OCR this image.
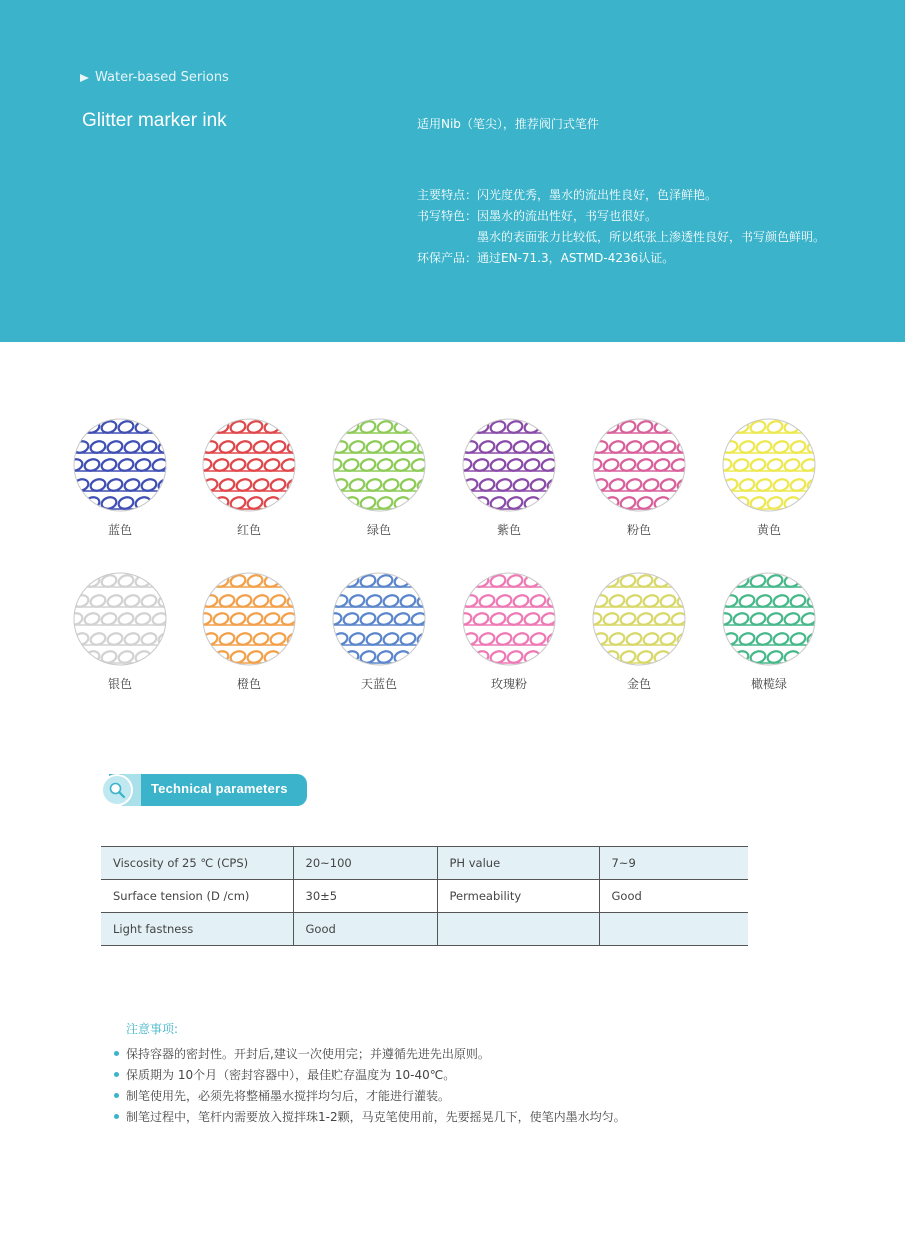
Water-based Serions
Glitter marker ink	适用Nib（笔尖），推荐阀门式笔件
主要特点： 闪光度优秀，墨水的流出性良好，色泽鲜艳。
书写特色： 因墨水的流出性好，书写也很好。
墨水的表面张力比较低，所以纸张上渗透性良好，书写颜色鲜明。
环保产品： 通过EN-71.3，ASTMD-4236认证。
蓝色	红色	绿色	紫色	粉色	黄色
银色	橙色	天蓝色	玫瑰粉	金色	橄榄绿
Technical parameters
Viscosity of 25 ℃ (CPS)	20~100	PH value	7~9
Surface tension (D /cm)	30±5	Permeability	Good
Light fastness	Good		
注意事项:
保持容器的密封性。开封后,建议一次使用完；并遵循先进先出原则。
保质期为 10个月（密封容器中），最佳贮存温度为 10-40℃。
制笔使用先，必须先将整桶墨水搅拌均匀后，才能进行灌装。
制笔过程中，笔杆内需要放入搅拌珠1-2颗，马克笔使用前，先要摇晃几下，使笔内墨水均匀。
